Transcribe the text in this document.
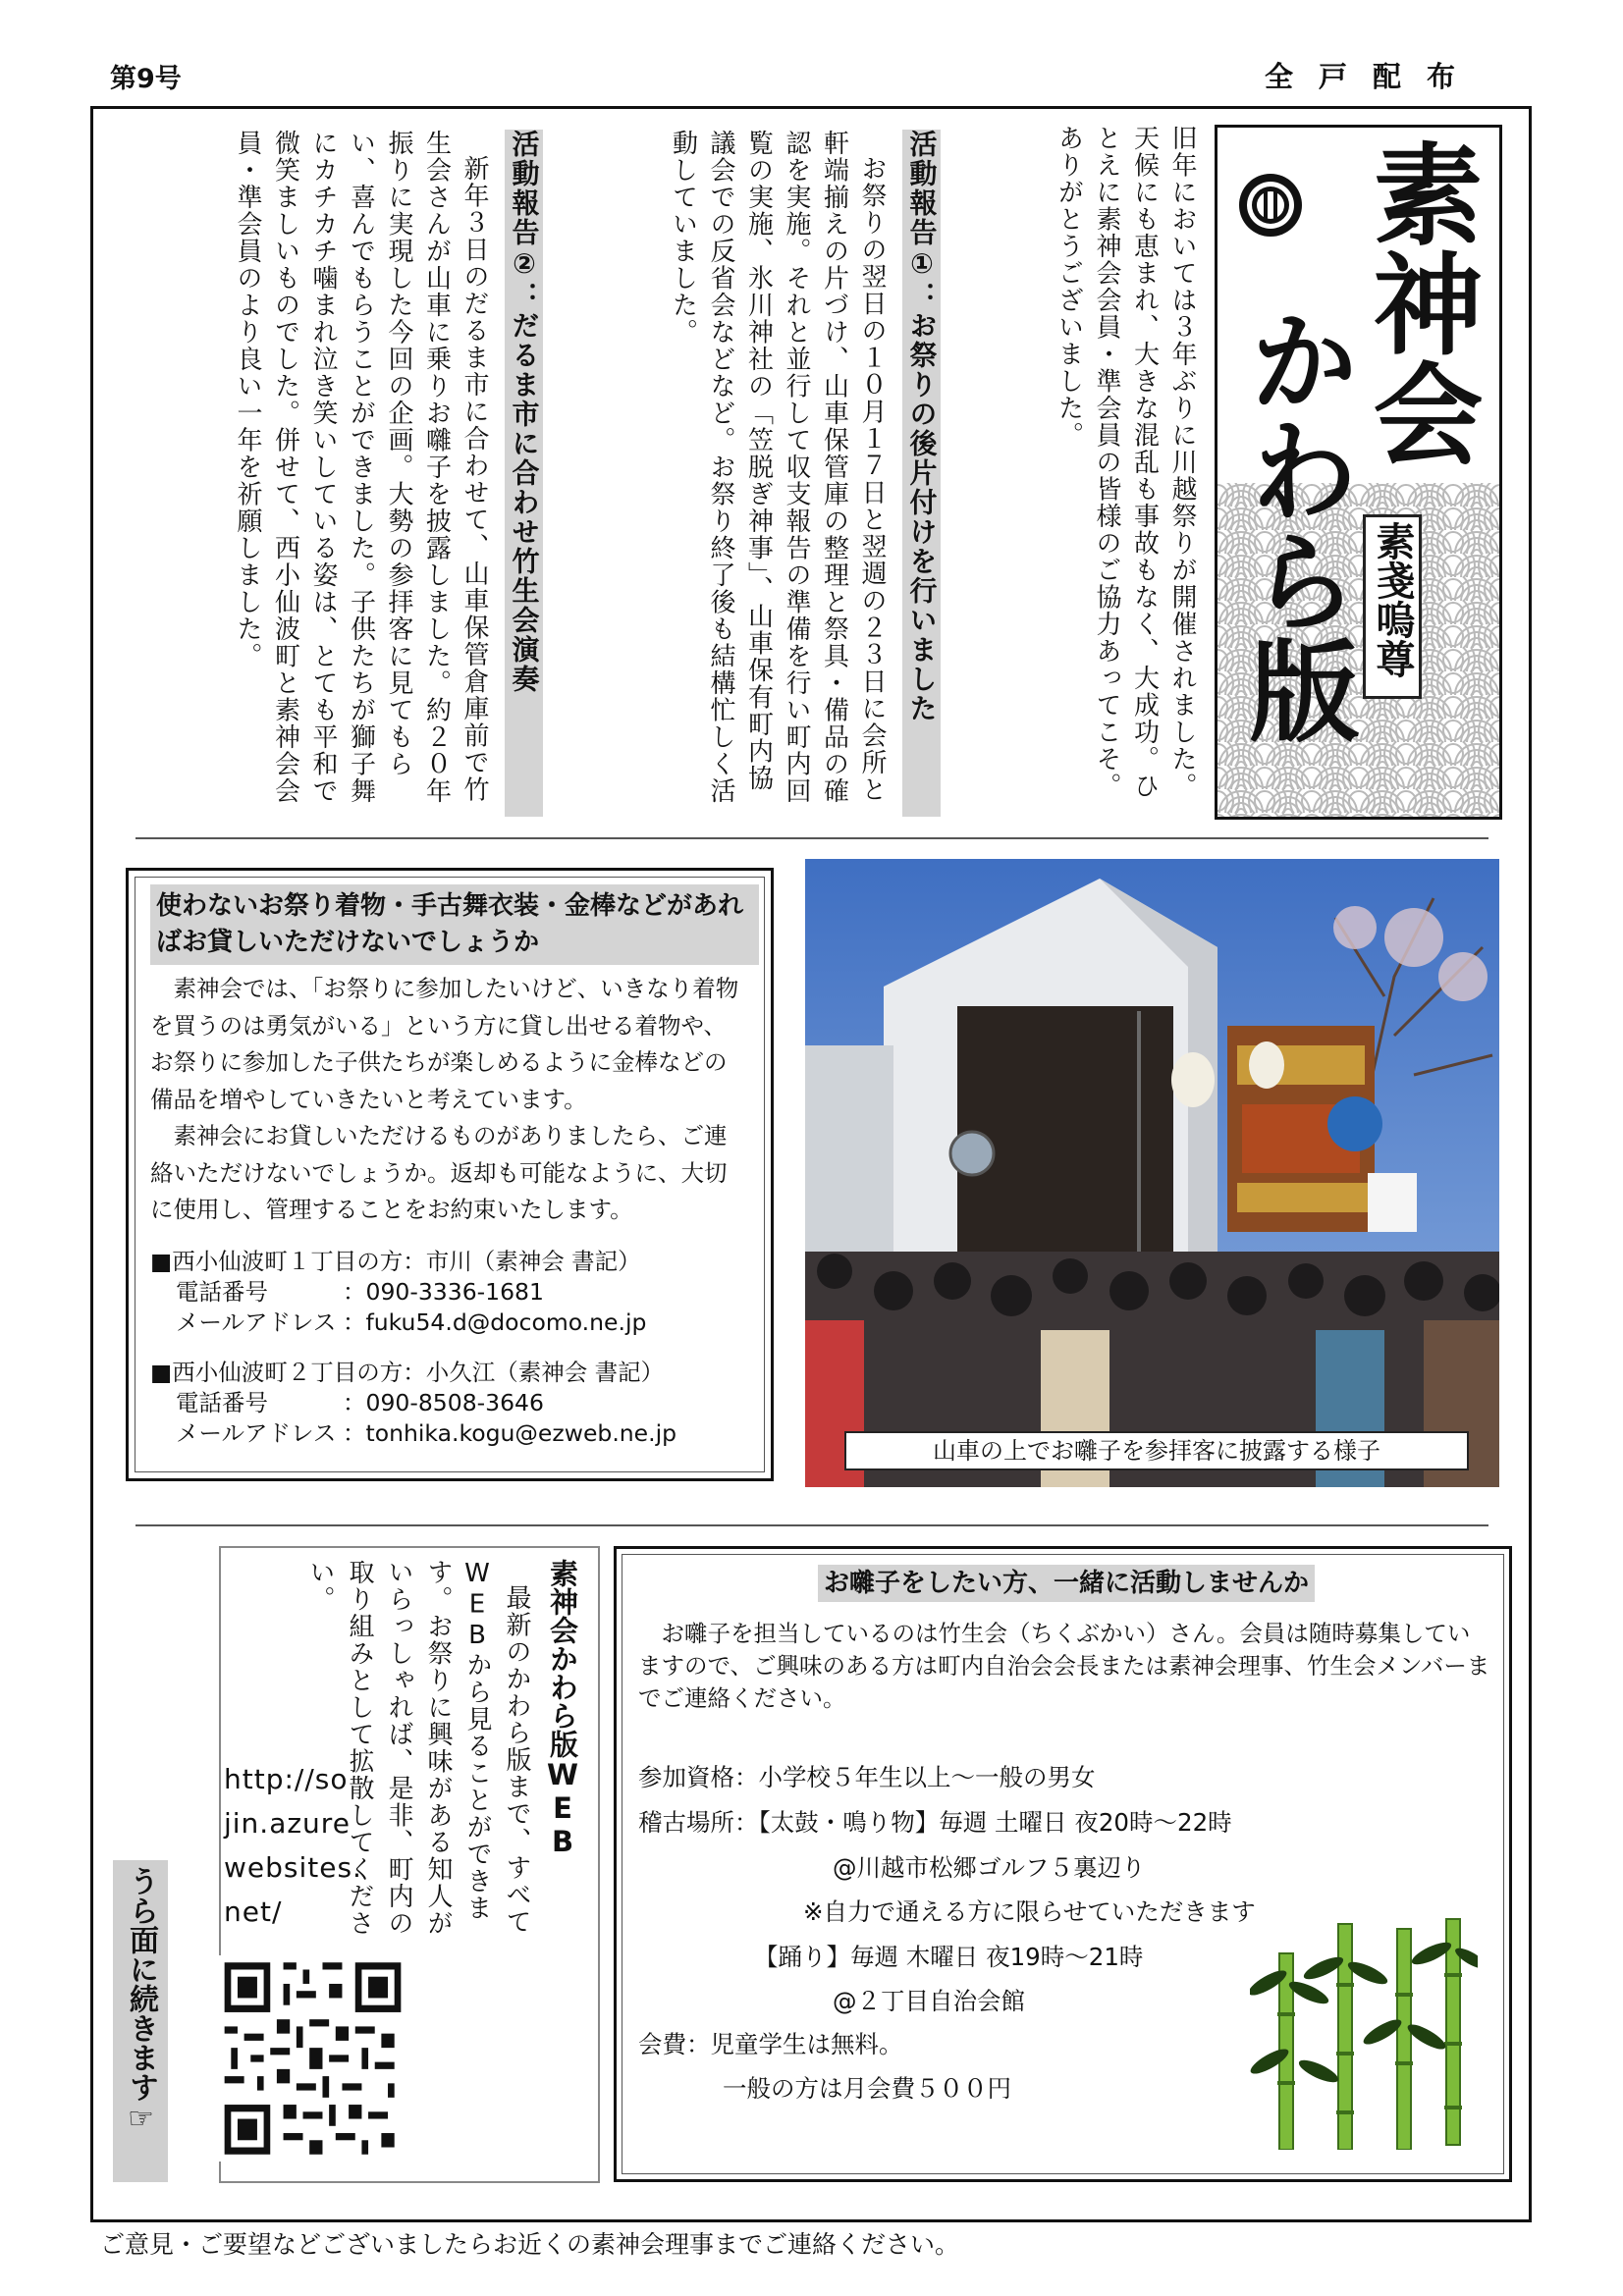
第9号	全戸配布
素神会
かわら版 素戔嗚尊
旧年においては３年ぶりに川越祭りが開催されました。天候にも恵まれ、大きな混乱も事故もなく、大成功。ひとえに素神会会員・準会員の皆様のご協力あってこそ。ありがとうございました。
活動報告①：お祭りの後片付けを行いました
お祭りの翌日の１０月１７日と翌週の２３日に会所と軒端揃えの片づけ、山車保管庫の整理と祭具・備品の確認を実施。それと並行して収支報告の準備を行い町内回覧の実施、氷川神社の「笠脱ぎ神事」、山車保有町内協議会での反省会などなど。お祭り終了後も結構忙しく活動していました。
活動報告②：だるま市に合わせ竹生会演奏
新年３日のだるま市に合わせて、山車保管倉庫前で竹生会さんが山車に乗りお囃子を披露しました。約２０年振りに実現した今回の企画。大勢の参拝客に見てもらい、喜んでもらうことができました。子供たちが獅子舞にカチカチ噛まれ泣き笑いしている姿は、とても平和で微笑ましいものでした。併せて、西小仙波町と素神会会員・準会員のより良い一年を祈願しました。
使わないお祭り着物・手古舞衣装・金棒などがあればお貸しいただけないでしょうか
素神会では、「お祭りに参加したいけど、いきなり着物を買うのは勇気がいる」という方に貸し出せる着物や、お祭りに参加した子供たちが楽しめるように金棒などの備品を増やしていきたいと考えています。
素神会にお貸しいただけるものがありましたら、ご連絡いただけないでしょうか。返却も可能なように、大切に使用し、管理することをお約束いたします。
■西小仙波町１丁目の方：市川（素神会 書記）
電話番号	：090-3336-1681
メールアドレス ：fuku54.d@docomo.ne.jp
■西小仙波町２丁目の方：小久江（素神会 書記）
電話番号	：090-8508-3646
メールアドレス ：tonhika.kogu@ezweb.ne.jp
山車の上でお囃子を参拝客に披露する様子
素神会かわら版WEB
最新のかわら版まで、すべてWEBから見ることができます。お祭りに興味がある知人がいらっしゃれば、是非、町内の取り組みとして拡散してください。
http://so
jin.azure
websites.
net/
うら面に続きます☞
お囃子をしたい方、一緒に活動しませんか
お囃子を担当しているのは竹生会（ちくぶかい）さん。会員は随時募集していますので、ご興味のある方は町内自治会会長または素神会理事、竹生会メンバーまでご連絡ください。
参加資格：小学校５年生以上～一般の男女
稽古場所：【太鼓・鳴り物】毎週 土曜日 夜20時～22時
@川越市松郷ゴルフ５裏辺り
※自力で通える方に限らせていただきます
【踊り】毎週 木曜日 夜19時～21時
@２丁目自治会館
会費：児童学生は無料。
一般の方は月会費５００円
ご意見・ご要望などございましたらお近くの素神会理事までご連絡ください。
